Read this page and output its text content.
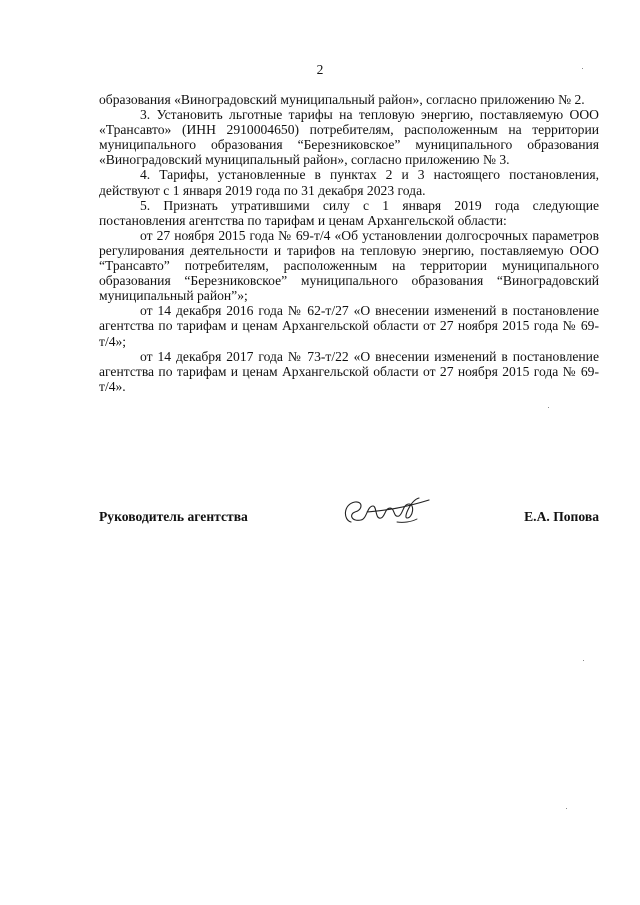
2

образования «Виноградовский муниципальный район», согласно приложению № 2.

3. Установить льготные тарифы на тепловую энергию, поставляемую ООО «Трансавто» (ИНН 2910004650) потребителям, расположенным на территории муниципального образования “Березниковское” муниципального образования «Виноградовский муниципальный район», согласно приложению № 3.

4. Тарифы, установленные в пунктах 2 и 3 настоящего постановления, действуют с 1 января 2019 года по 31 декабря 2023 года.

5. Признать утратившими силу с 1 января 2019 года следующие постановления агентства по тарифам и ценам Архангельской области:

от 27 ноября 2015 года № 69-т/4 «Об установлении долгосрочных параметров регулирования деятельности и тарифов на тепловую энергию, поставляемую ООО “Трансавто” потребителям, расположенным на территории муниципального образования “Березниковское” муниципального образования “Виноградовский муниципальный район”»;

от 14 декабря 2016 года № 62-т/27 «О внесении изменений в постановление агентства по тарифам и ценам Архангельской области от 27 ноября 2015 года № 69-т/4»;

от 14 декабря 2017 года № 73-т/22 «О внесении изменений в постановление агентства по тарифам и ценам Архангельской области от 27 ноября 2015 года № 69-т/4».

Руководитель агентства	Е.А. Попова
